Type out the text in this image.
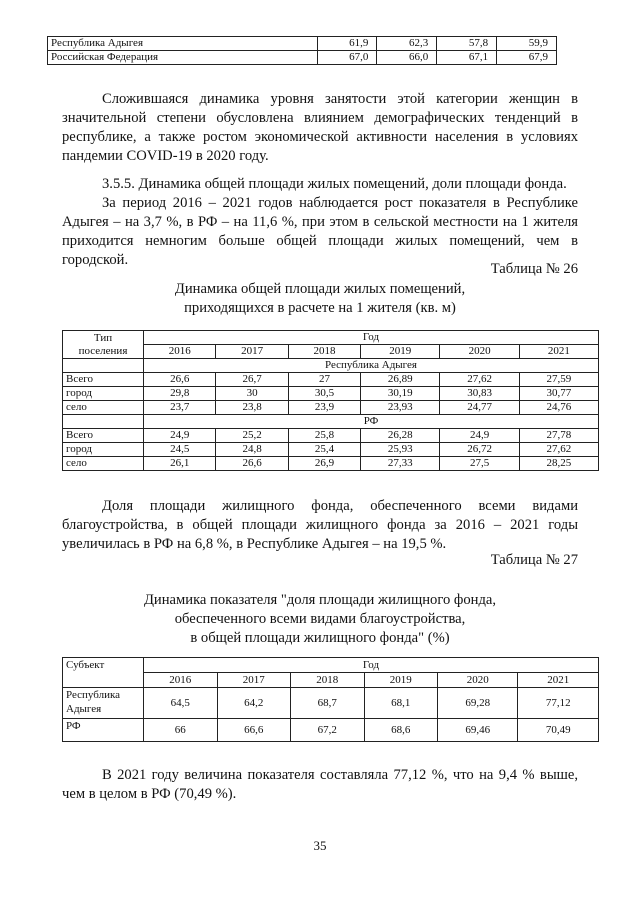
Республика Адыгея	61,9	62,3	57,8	59,9
Российская Федерация	67,0	66,0	67,1	67,9

Сложившаяся динамика уровня занятости этой категории женщин в значительной степени обусловлена влиянием демографических тенденций в республике, а также ростом экономической активности населения в условиях пандемии COVID-19 в 2020 году.

3.5.5. Динамика общей площади жилых помещений, доли площади фонда.
За период 2016 – 2021 годов наблюдается рост показателя в Республике Адыгея – на 3,7 %, в РФ – на 11,6 %, при этом в сельской местности на 1 жителя приходится немногим больше общей площади жилых помещений, чем в городской.

Таблица № 26
Динамика общей площади жилых помещений,
приходящихся в расчете на 1 жителя (кв. м)
Тип
поселения	Год					
	2016	2017	2018	2019	2020	2021
	Республика Адыгея					
Всего	26,6	26,7	27	26,89	27,62	27,59
город	29,8	30	30,5	30,19	30,83	30,77
село	23,7	23,8	23,9	23,93	24,77	24,76
	РФ					
Всего	24,9	25,2	25,8	26,28	24,9	27,78
город	24,5	24,8	25,4	25,93	26,72	27,62
село	26,1	26,6	26,9	27,33	27,5	28,25

Доля площади жилищного фонда, обеспеченного всеми видами благоустройства, в общей площади жилищного фонда за 2016 – 2021 годы увеличилась в РФ на 6,8 %, в Республике Адыгея – на 19,5 %.

Таблица № 27
Динамика показателя "доля площади жилищного фонда,
обеспеченного всеми видами благоустройства,
в общей площади жилищного фонда" (%)
Субъект	Год					
	2016	2017	2018	2019	2020	2021

Республика
Адыгея	64,5	64,2	68,7	68,1	69,28	77,12
РФ	66	66,6	67,2	68,6	69,46	70,49

В 2021 году величина показателя составляла 77,12 %, что на 9,4 % выше, чем в целом в РФ (70,49 %).

35
